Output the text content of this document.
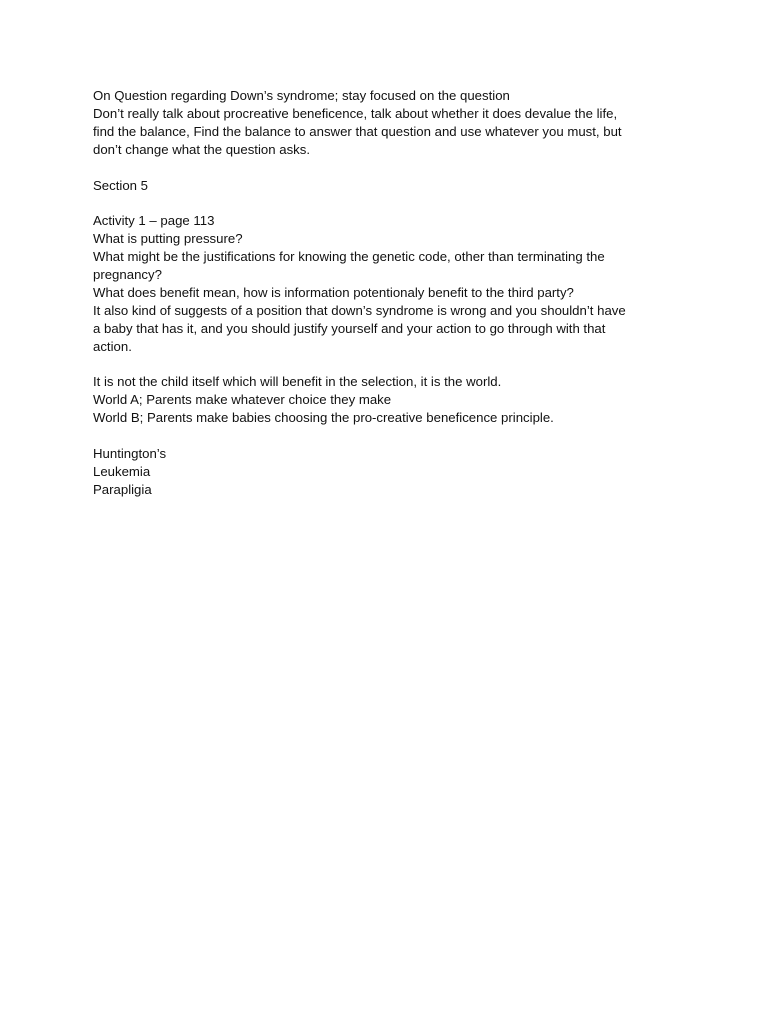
On Question regarding Down’s syndrome; stay focused on the question
Don’t really talk about procreative beneficence, talk about whether it does devalue the life,
find the balance, Find the balance to answer that question and use whatever you must, but
don’t change what the question asks.
Section 5
Activity 1 – page 113
What is putting pressure?
What might be the justifications for knowing the genetic code, other than terminating the
pregnancy?
What does benefit mean, how is information potentionaly benefit to the third party?
It also kind of suggests of a position that down’s syndrome is wrong and you shouldn’t have
a baby that has it, and you should justify yourself and your action to go through with that
action.
It is not the child itself which will benefit in the selection, it is the world.
World A; Parents make whatever choice they make
World B; Parents make babies choosing the pro-creative beneficence principle.
Huntington’s
Leukemia
Parapligia
